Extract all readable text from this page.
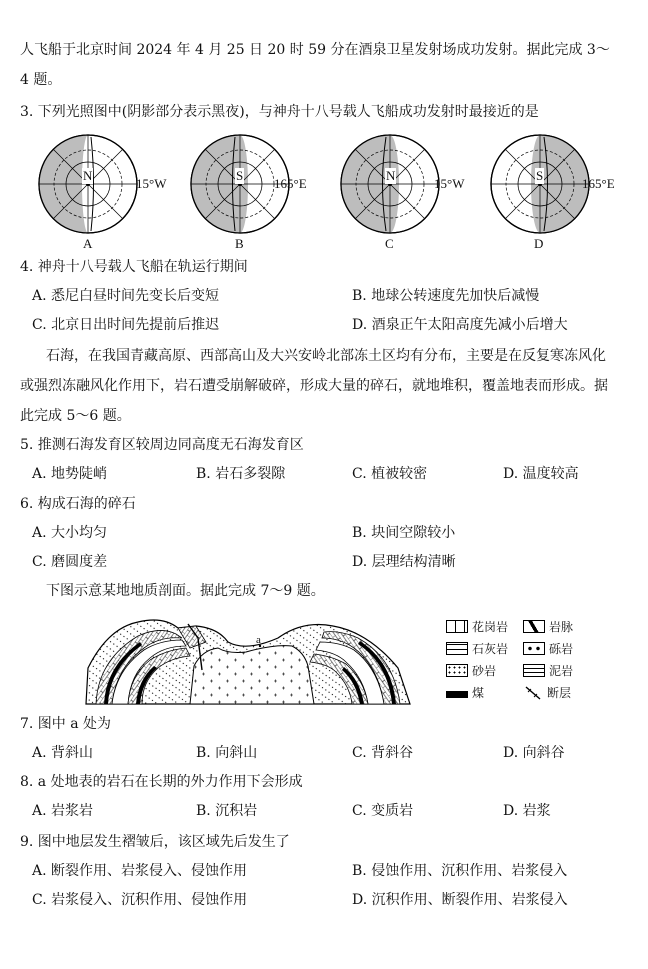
人飞船于北京时间 2024 年 4 月 25 日 20 时 59 分在酒泉卫星发射场成功发射。据此完成 3～
4 题。
3. 下列光照图中(阴影部分表示黑夜)，与神舟十八号载人飞船成功发射时最接近的是
N
15°W
A
S
165°E
B
N
15°W
C
S
165°E
D
4. 神舟十八号载人飞船在轨运行期间
A. 悉尼白昼时间先变长后变短	B. 地球公转速度先加快后减慢
C. 北京日出时间先提前后推迟	D. 酒泉正午太阳高度先减小后增大
石海，在我国青藏高原、西部高山及大兴安岭北部冻土区均有分布，主要是在反复寒冻风化
或强烈冻融风化作用下，岩石遭受崩解破碎，形成大量的碎石，就地堆积，覆盖地表而形成。据
此完成 5～6 题。
5. 推测石海发育区较周边同高度无石海发育区
A. 地势陡峭	B. 岩石多裂隙	C. 植被较密	D. 温度较高
6. 构成石海的碎石
A. 大小均匀	B. 块间空隙较小
C. 磨圆度差	D. 层理结构清晰
下图示意某地地质剖面。据此完成 7～9 题。
a
花岗岩	岩脉
石灰岩	砾岩
砂岩	泥岩
煤	断层
7. 图中 a 处为
A. 背斜山	B. 向斜山	C. 背斜谷	D. 向斜谷
8. a 处地表的岩石在长期的外力作用下会形成
A. 岩浆岩	B. 沉积岩	C. 变质岩	D. 岩浆
9. 图中地层发生褶皱后，该区域先后发生了
A. 断裂作用、岩浆侵入、侵蚀作用	B. 侵蚀作用、沉积作用、岩浆侵入
C. 岩浆侵入、沉积作用、侵蚀作用	D. 沉积作用、断裂作用、岩浆侵入
